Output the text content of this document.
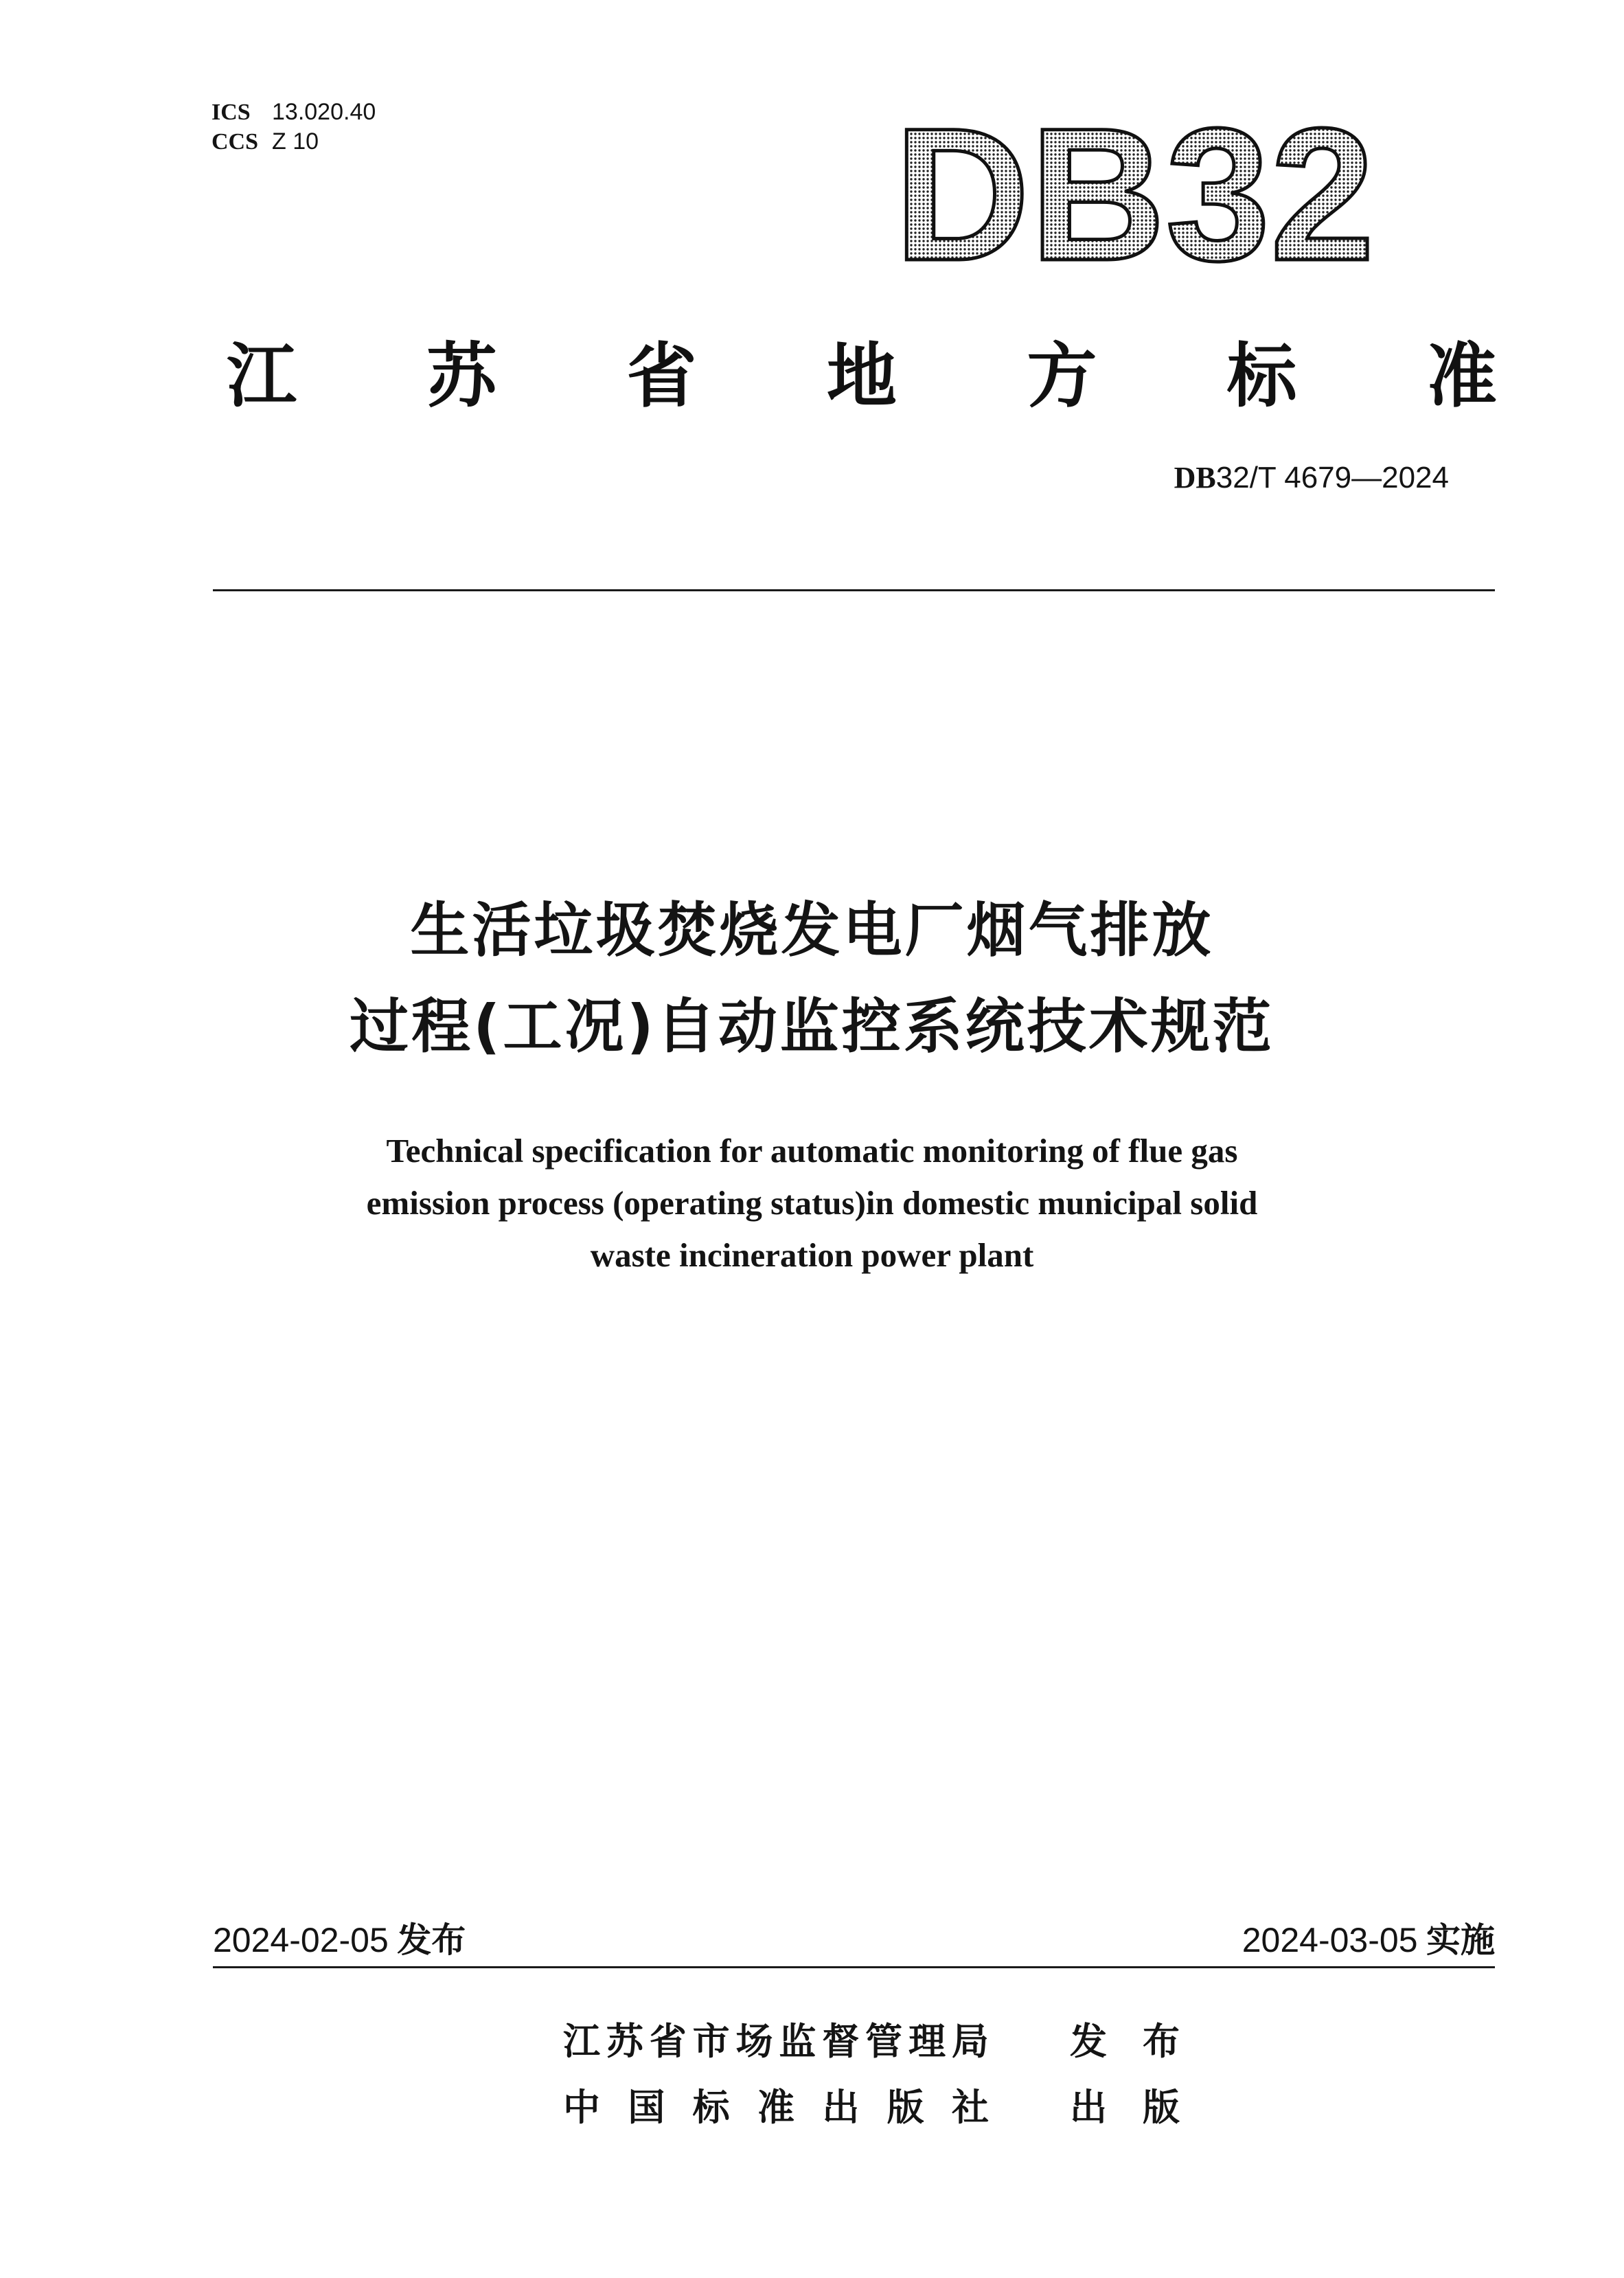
ICS 13.020.40
CCS Z 10	DB32
江 苏 省 地 方 标 准
DB32/T 4679—2024
生活垃圾焚烧发电厂烟气排放
过程(工况)自动监控系统技术规范
Technical specification for automatic monitoring of flue gas
emission process (operating status)in domestic municipal solid
waste incineration power plant
2024-02-05 发布	2024-03-05 实施
江 苏 省 市 场 监 督 管 理 局 发 布
中 国 标 准 出 版 社 出 版
